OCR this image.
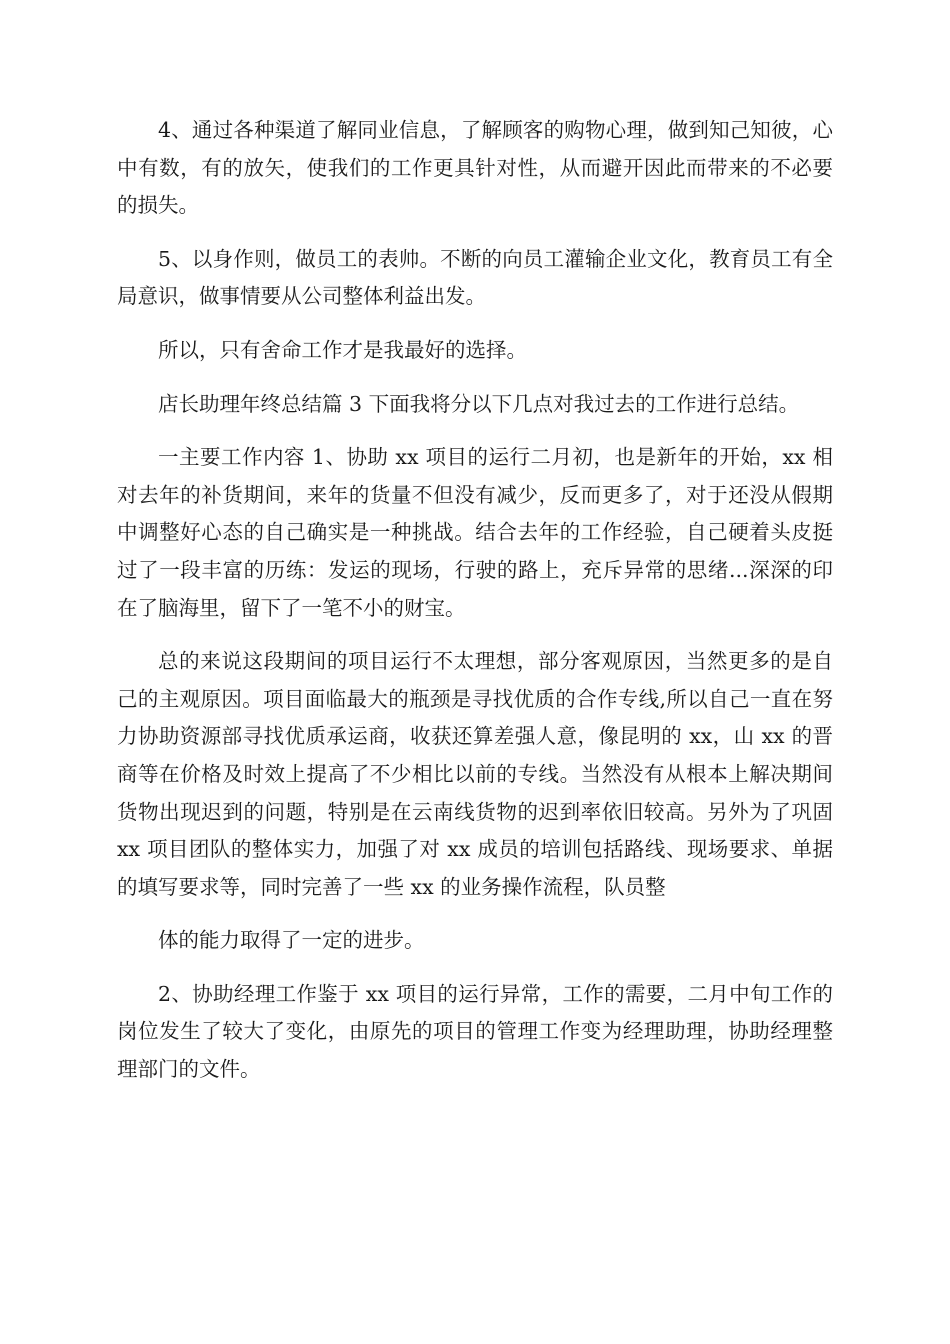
4、通过各种渠道了解同业信息，了解顾客的购物心理，做到知己知彼，心中有数，有的放矢，使我们的工作更具针对性，从而避开因此而带来的不必要的损失。

5、以身作则，做员工的表帅。不断的向员工灌输企业文化，教育员工有全局意识，做事情要从公司整体利益出发。

所以，只有舍命工作才是我最好的选择。

店长助理年终总结篇 3 下面我将分以下几点对我过去的工作进行总结。

一主要工作内容 1、协助 xx 项目的运行二月初，也是新年的开始，xx 相对去年的补货期间，来年的货量不但没有减少，反而更多了，对于还没从假期中调整好心态的自己确实是一种挑战。结合去年的工作经验，自己硬着头皮挺过了一段丰富的历练：发运的现场，行驶的路上，充斥异常的思绪...深深的印在了脑海里，留下了一笔不小的财宝。

总的来说这段期间的项目运行不太理想，部分客观原因，当然更多的是自己的主观原因。项目面临最大的瓶颈是寻找优质的合作专线,所以自己一直在努力协助资源部寻找优质承运商，收获还算差强人意，像昆明的 xx，山 xx 的晋商等在价格及时效上提高了不少相比以前的专线。当然没有从根本上解决期间货物出现迟到的问题，特别是在云南线货物的迟到率依旧较高。另外为了巩固 xx 项目团队的整体实力，加强了对 xx 成员的培训包括路线、现场要求、单据的填写要求等，同时完善了一些 xx 的业务操作流程，队员整

体的能力取得了一定的进步。

2、协助经理工作鉴于 xx 项目的运行异常，工作的需要，二月中旬工作的岗位发生了较大了变化，由原先的项目的管理工作变为经理助理，协助经理整理部门的文件。
